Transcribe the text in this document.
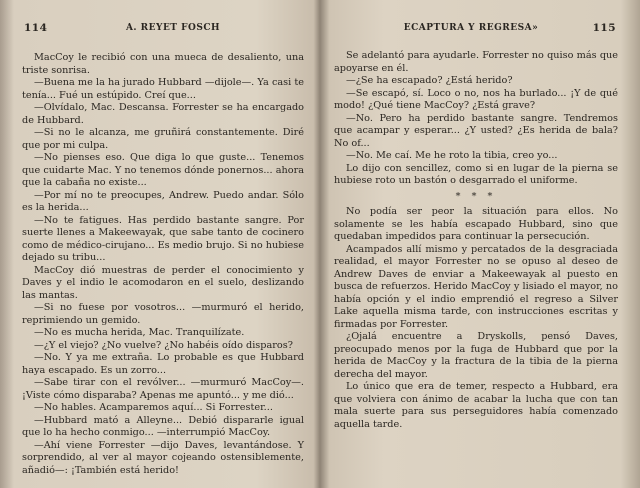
114	A. REYET FOSCH

MacCoy le recibió con una mueca de desaliento, una triste sonrisa.

—Buena me la ha jurado Hubbard —dijole—. Ya casi te tenía... Fué un estúpido. Creí que...

—Olvídalo, Mac. Descansa. Forrester se ha encargado de Hubbard.

—Si no le alcanza, me gruñirá constantemente. Diré que por mi culpa.

—No pienses eso. Que diga lo que guste... Tenemos que cuidarte Mac. Y no tenemos dónde ponernos... ahora que la cabaña no existe...

—Por mí no te preocupes, Andrew. Puedo andar. Sólo es la herida...

—No te fatigues. Has perdido bastante sangre. Por suerte llenes a Makeewayak, que sabe tanto de cocinero como de médico-cirujano... Es medio brujo. Si no hubiese dejado su tribu...

MacCoy dió muestras de perder el conocimiento y Daves y el indio le acomodaron en el suelo, deslizando las mantas.

—Si no fuese por vosotros... —murmuró el herido, reprimiendo un gemido.

—No es mucha herida, Mac. Tranquilízate.

—¿Y el viejo? ¿No vuelve? ¿No habéis oído disparos?

—No. Y ya me extraña. Lo probable es que Hubbard haya escapado. Es un zorro...

—Sabe tirar con el revólver... —murmuró MacCoy—. ¡Viste cómo disparaba? Apenas me apuntó... y me dió...

—No hables. Acamparemos aquí... Si Forrester...

—Hubbard mató a Alleyne... Debió dispararle igual que lo ha hecho conmigo... —interrumpió MacCoy.

—Ahí viene Forrester —dijo Daves, levantándose. Y sorprendido, al ver al mayor cojeando ostensiblemente, añadió—: ¡También está herido!

ECAPTURA Y REGRESA»	115

Se adelantó para ayudarle. Forrester no quiso más que apoyarse en él.

—¿Se ha escapado? ¿Está herido?

—Se escapó, sí. Loco o no, nos ha burlado... ¡Y de qué modo! ¿Qué tiene MacCoy? ¿Está grave?

—No. Pero ha perdido bastante sangre. Tendremos que acampar y esperar... ¿Y usted? ¿Es herida de bala? No of...

—No. Me caí. Me he roto la tibia, creo yo...

Lo dijo con sencillez, como si en lugar de la pierna se hubiese roto un bastón o desgarrado el uniforme.

* * *

No podía ser peor la situación para ellos. No solamente se les había escapado Hubbard, sino que quedaban impedidos para continuar la persecución.

Acampados allí mismo y percatados de la desgraciada realidad, el mayor Forrester no se opuso al deseo de Andrew Daves de enviar a Makeewayak al puesto en busca de refuerzos. Herido MacCoy y lisiado el mayor, no había opción y el indio emprendió el regreso a Silver Lake aquella misma tarde, con instrucciones escritas y firmadas por Forrester.

¿Ojalá encuentre a Dryskolls, pensó Daves, preocupado menos por la fuga de Hubbard que por la herida de MacCoy y la fractura de la tibia de la pierna derecha del mayor.

Lo único que era de temer, respecto a Hubbard, era que volviera con ánimo de acabar la lucha que con tan mala suerte para sus perseguidores había comenzado aquella tarde.
